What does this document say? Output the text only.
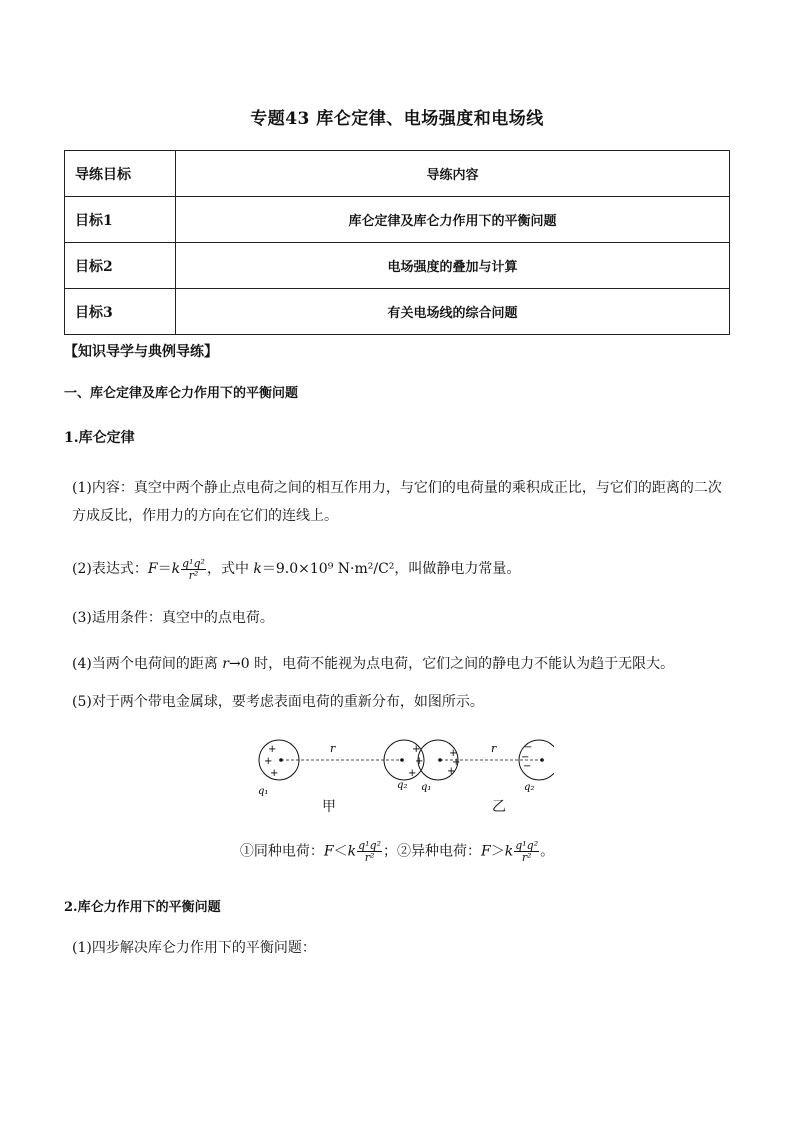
专题43 库仑定律、电场强度和电场线
导练目标	导练内容
目标1	库仑定律及库仑力作用下的平衡问题
目标2	电场强度的叠加与计算
目标3	有关电场线的综合问题
【知识导学与典例导练】
一、库仑定律及库仑力作用下的平衡问题
1.库仑定律
(1)内容：真空中两个静止点电荷之间的相互作用力，与它们的电荷量的乘积成正比，与它们的距离的二次
方成反比，作用力的方向在它们的连线上。
(2)表达式：$F=k \frac{\text{q¹q²}}{\text{r²}}$ ，式中 k＝9.0×10⁹ N·m²/C²，叫做静电力常量。
(3)适用条件：真空中的点电荷。
(4)当两个电荷间的距离 r→0 时，电荷不能视为点电荷，它们之间的静电力不能认为趋于无限大。
(5)对于两个带电金属球，要考虑表面电荷的重新分布，如图所示。
+
+
+
+
+
+
r
q₁
q₂
+
+
+
−
−
−
r
q₁	q₂
甲	乙
①同种电荷：$F<k \frac{\text{q¹q²}}{\text{r²}}$ ；②异种电荷：$F>k \frac{\text{q¹q²}}{\text{r²}}$ 。
2.库仑力作用下的平衡问题
(1)四步解决库仑力作用下的平衡问题：
